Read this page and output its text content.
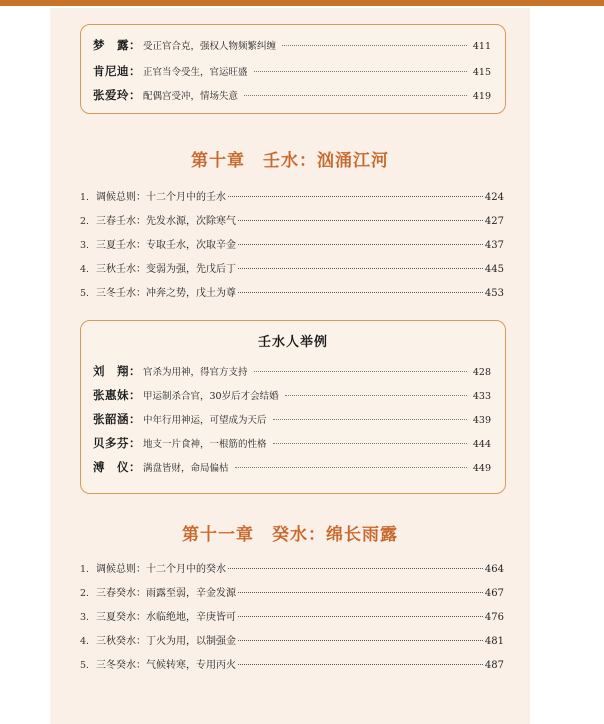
梦　露： 受正官合克，强权人物频繁纠缠	411
肯尼迪： 正官当令受生，官运旺盛	415
张爱玲： 配偶宫受冲，情场失意	419
第十章　壬水：汹涌江河
1. 调候总则：十二个月中的壬水	424
2. 三春壬水：先发水源，次除寒气	427
3. 三夏壬水：专取壬水，次取辛金	437
4. 三秋壬水：变弱为强，先戊后丁	445
5. 三冬壬水：冲奔之势，戊土为尊	453
壬水人举例
刘　翔： 官杀为用神，得官方支持	428
张惠妹： 甲运制杀合官，30岁后才会结婚	433
张韶涵： 中年行用神运，可望成为天后	439
贝多芬： 地支一片食神，一根筋的性格	444
溥　仪： 满盘皆财，命局偏枯	449
第十一章　癸水：绵长雨露
1. 调候总则：十二个月中的癸水	464
2. 三春癸水：雨露至弱，辛金发源	467
3. 三夏癸水：水临绝地，辛庚皆可	476
4. 三秋癸水：丁火为用，以制强金	481
5. 三冬癸水：气候转寒，专用丙火	487
